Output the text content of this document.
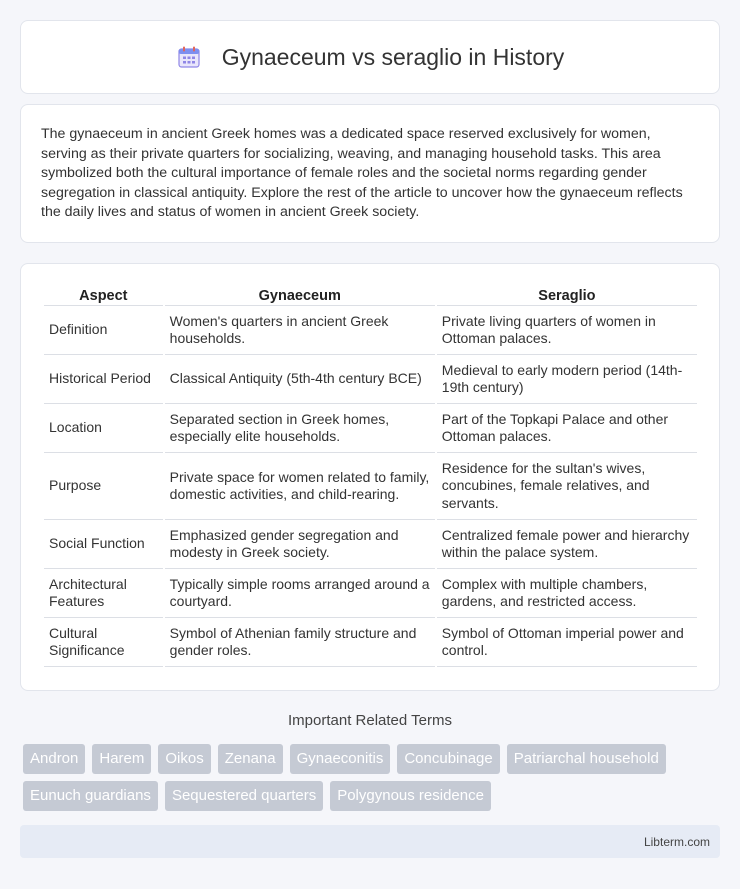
Gynaeceum vs seraglio in History

The gynaeceum in ancient Greek homes was a dedicated space reserved exclusively for women, serving as their private quarters for socializing, weaving, and managing household tasks. This area symbolized both the cultural importance of female roles and the societal norms regarding gender segregation in classical antiquity. Explore the rest of the article to uncover how the gynaeceum reflects the daily lives and status of women in ancient Greek society.

Aspect	Gynaeceum	Seraglio
Definition	Women's quarters in ancient Greek households.	Private living quarters of women in Ottoman palaces.
Historical Period	Classical Antiquity (5th-4th century BCE)	Medieval to early modern period (14th-19th century)
Location	Separated section in Greek homes, especially elite households.	Part of the Topkapi Palace and other Ottoman palaces.
Purpose	Private space for women related to family, domestic activities, and child-rearing.	Residence for the sultan's wives, concubines, female relatives, and servants.
Social Function	Emphasized gender segregation and modesty in Greek society.	Centralized female power and hierarchy within the palace system.
Architectural Features	Typically simple rooms arranged around a courtyard.	Complex with multiple chambers, gardens, and restricted access.
Cultural Significance	Symbol of Athenian family structure and gender roles.	Symbol of Ottoman imperial power and control.
Important Related Terms
Andron	Harem	Oikos	Zenana	Gynaeconitis	Concubinage	Patriarchal household
Eunuch guardians	Sequestered quarters	Polygynous residence
Libterm.com
